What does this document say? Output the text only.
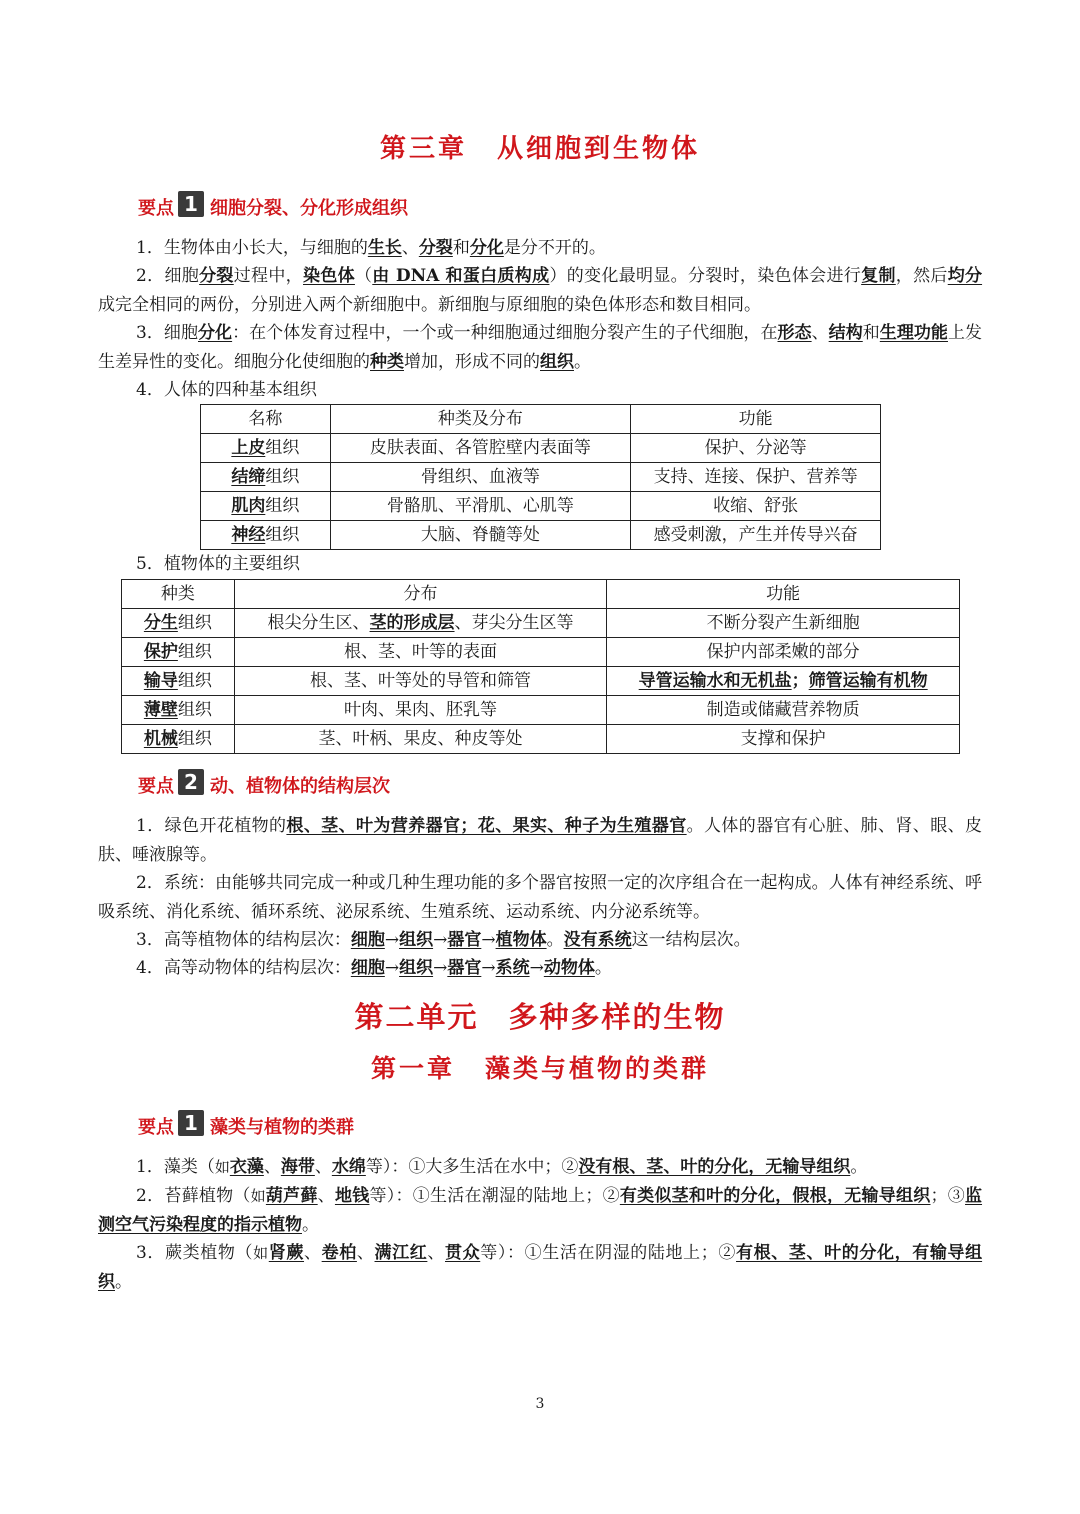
第三章 从细胞到生物体
要点 1 细胞分裂、分化形成组织
1．生物体由小长大，与细胞的生长、分裂和分化是分不开的。
2．细胞分裂过程中，染色体（由 DNA 和蛋白质构成）的变化最明显。分裂时，染色体会进行复制，然后均分成完全相同的两份，分别进入两个新细胞中。新细胞与原细胞的染色体形态和数目相同。
3．细胞分化：在个体发育过程中，一个或一种细胞通过细胞分裂产生的子代细胞，在形态、结构和生理功能上发生差异性的变化。细胞分化使细胞的种类增加，形成不同的组织。
4．人体的四种基本组织
名称	种类及分布	功能
上皮组织	皮肤表面、各管腔壁内表面等	保护、分泌等
结缔组织	骨组织、血液等	支持、连接、保护、营养等
肌肉组织	骨骼肌、平滑肌、心肌等	收缩、舒张
神经组织	大脑、脊髓等处	感受刺激，产生并传导兴奋
5．植物体的主要组织
种类	分布	功能
分生组织	根尖分生区、茎的形成层、芽尖分生区等	不断分裂产生新细胞
保护组织	根、茎、叶等的表面	保护内部柔嫩的部分
输导组织	根、茎、叶等处的导管和筛管	导管运输水和无机盐；筛管运输有机物
薄壁组织	叶肉、果肉、胚乳等	制造或储藏营养物质
机械组织	茎、叶柄、果皮、种皮等处	支撑和保护
要点 2 动、植物体的结构层次
1．绿色开花植物的根、茎、叶为营养器官；花、果实、种子为生殖器官。人体的器官有心脏、肺、肾、眼、皮肤、唾液腺等。
2．系统：由能够共同完成一种或几种生理功能的多个器官按照一定的次序组合在一起构成。人体有神经系统、呼吸系统、消化系统、循环系统、泌尿系统、生殖系统、运动系统、内分泌系统等。
3．高等植物体的结构层次：细胞→组织→器官→植物体。没有系统这一结构层次。
4．高等动物体的结构层次：细胞→组织→器官→系统→动物体。
第二单元 多种多样的生物
第一章 藻类与植物的类群
要点 1 藻类与植物的类群
1．藻类（如衣藻、海带、水绵等）：①大多生活在水中；②没有根、茎、叶的分化，无输导组织。
2．苔藓植物（如葫芦藓、地钱等）：①生活在潮湿的陆地上；②有类似茎和叶的分化，假根，无输导组织；③监测空气污染程度的指示植物。
3．蕨类植物（如肾蕨、卷柏、满江红、贯众等）：①生活在阴湿的陆地上；②有根、茎、叶的分化，有输导组织。
3
